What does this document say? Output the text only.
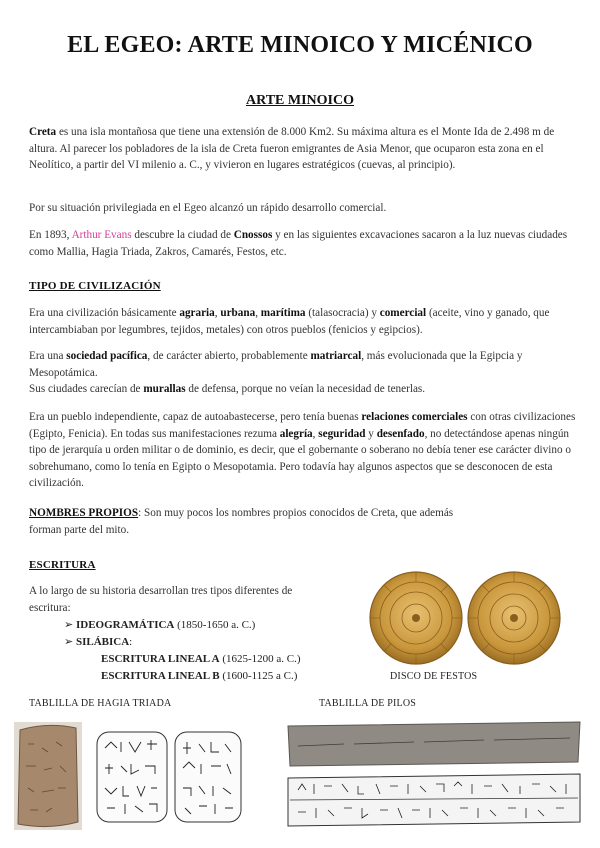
EL EGEO: ARTE MINOICO Y MICÉNICO
ARTE MINOICO
Creta es una isla montañosa que tiene una extensión de 8.000 Km2. Su máxima altura es el Monte Ida de 2.498 m de altura. Al parecer los pobladores de la isla de Creta fueron emigrantes de Asia Menor, que ocuparon esta zona en el Neolítico, a partir del VI milenio a. C., y vivieron en lugares estratégicos (cuevas, al principio).
Por su situación privilegiada en el Egeo alcanzó un rápido desarrollo comercial.
En 1893, Arthur Evans descubre la ciudad de Cnossos y en las siguientes excavaciones sacaron a la luz nuevas ciudades como Mallia, Hagia Triada, Zakros, Camarés, Festos, etc.
TIPO DE CIVILIZACIÓN
Era una civilización básicamente agraria, urbana, marítima (talasocracia) y comercial (aceite, vino y ganado, que intercambiaban por legumbres, tejidos, metales) con otros pueblos (fenicios y egipcios).
Era una sociedad pacífica, de carácter abierto, probablemente matriarcal, más evolucionada que la Egipcia y Mesopotámica.
Sus ciudades carecían de murallas de defensa, porque no veían la necesidad de tenerlas.
Era un pueblo independiente, capaz de autoabastecerse, pero tenía buenas relaciones comerciales con otras civilizaciones (Egipto, Fenicia). En todas sus manifestaciones rezuma alegría, seguridad y desenfado, no detectándose apenas ningún tipo de jerarquía u orden militar o de dominio, es decir, que el gobernante o soberano no debía tener ese carácter divino o sobrehumano, como lo tenía en Egipto o Mesopotamia. Pero todavía hay algunos aspectos que se desconocen de esta civilización.
NOMBRES PROPIOS: Son muy pocos los nombres propios conocidos de Creta, que además
forman parte del mito.
ESCRITURA
A lo largo de su historia desarrollan tres tipos diferentes de escritura:
➢ IDEOGRAMÁTICA (1850-1650 a. C.)
➢ SILÁBICA:
ESCRITURA LINEAL A (1625-1200 a. C.)
ESCRITURA LINEAL B (1600-1125 a C.)	DISCO DE FESTOS
TABLILLA DE HAGIA TRIADA	TABLILLA DE PILOS
